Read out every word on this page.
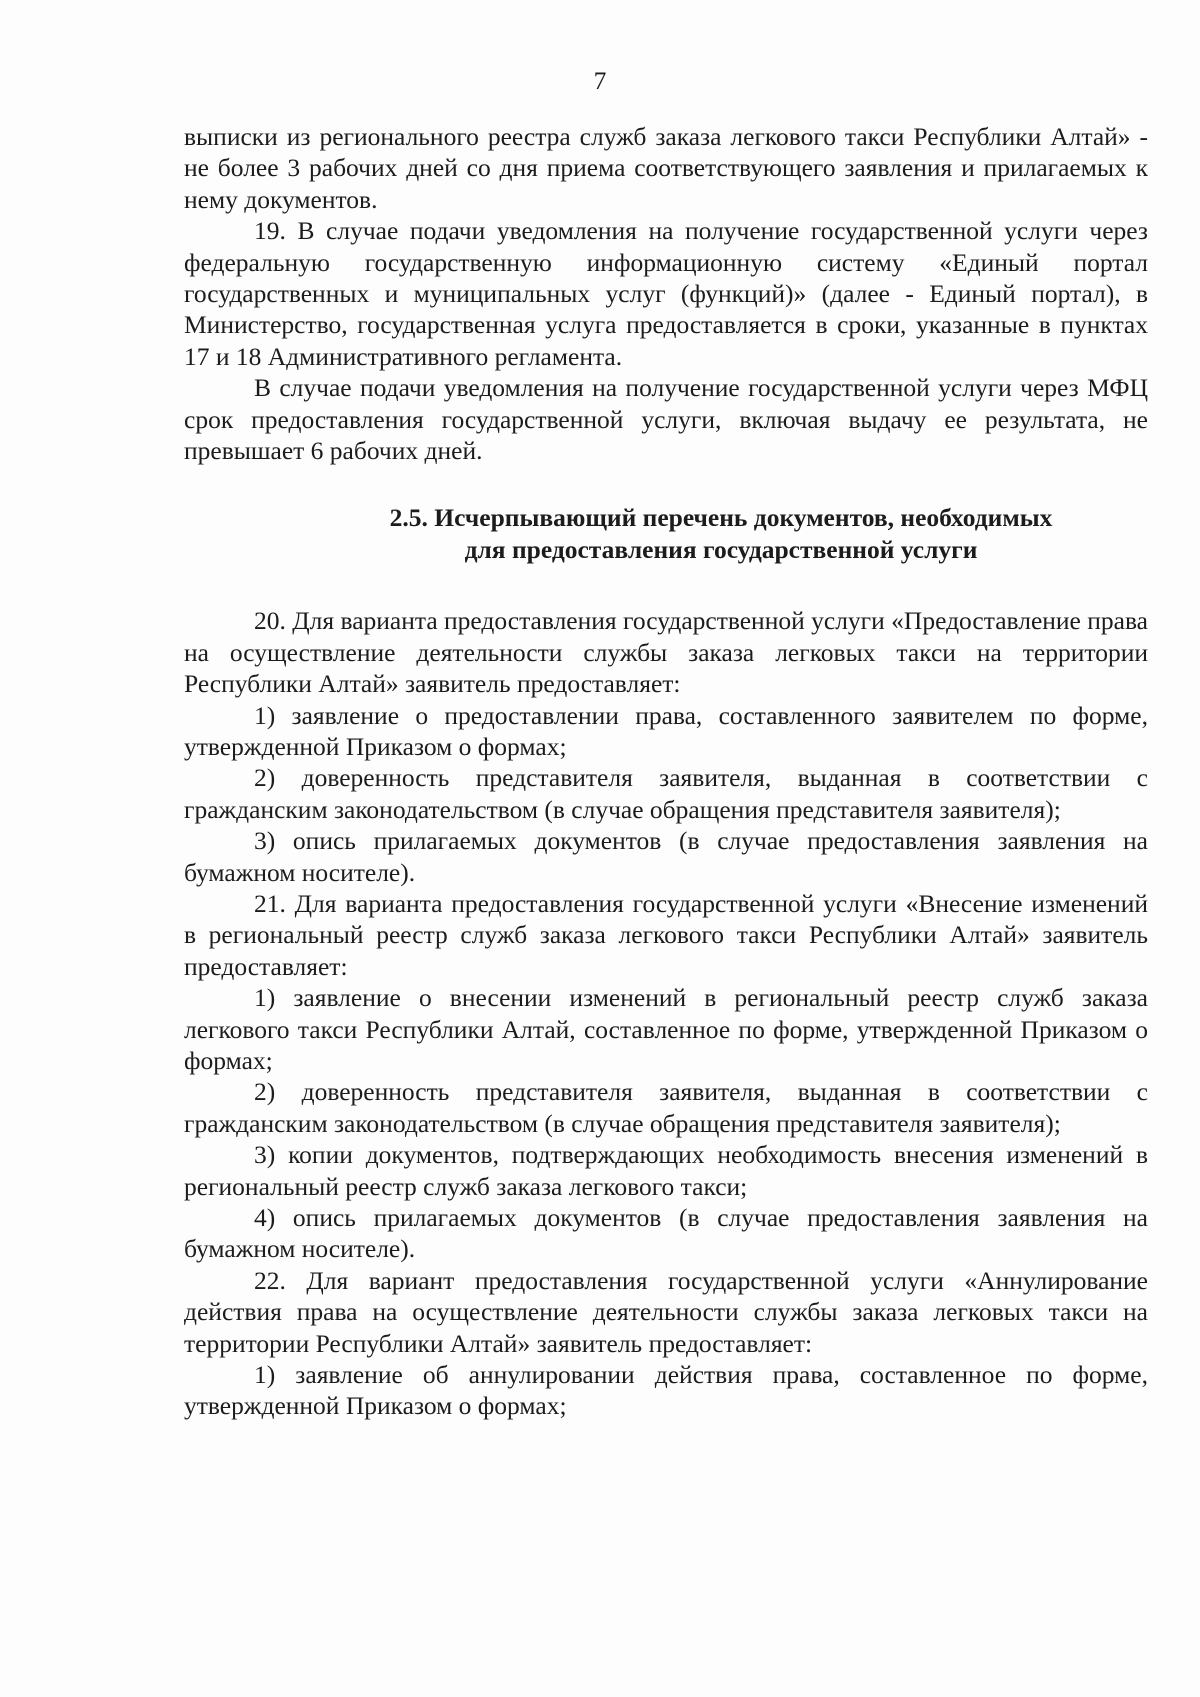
7

выписки из регионального реестра служб заказа легкового такси Республики Алтай» - не более 3 рабочих дней со дня приема соответствующего заявления и прилагаемых к нему документов.

19. В случае подачи уведомления на получение государственной услуги через федеральную государственную информационную систему «Единый портал государственных и муниципальных услуг (функций)» (далее - Единый портал), в Министерство, государственная услуга предоставляется в сроки, указанные в пунктах 17 и 18 Административного регламента.

В случае подачи уведомления на получение государственной услуги через МФЦ срок предоставления государственной услуги, включая выдачу ее результата, не превышает 6 рабочих дней.

2.5. Исчерпывающий перечень документов, необходимых
для предоставления государственной услуги

20. Для варианта предоставления государственной услуги «Предоставление права на осуществление деятельности службы заказа легковых такси на территории Республики Алтай» заявитель предоставляет:

1) заявление о предоставлении права, составленного заявителем по форме, утвержденной Приказом о формах;

2) доверенность представителя заявителя, выданная в соответствии с гражданским законодательством (в случае обращения представителя заявителя);

3) опись прилагаемых документов (в случае предоставления заявления на бумажном носителе).

21. Для варианта предоставления государственной услуги «Внесение изменений в региональный реестр служб заказа легкового такси Республики Алтай» заявитель предоставляет:

1) заявление о внесении изменений в региональный реестр служб заказа легкового такси Республики Алтай, составленное по форме, утвержденной Приказом о формах;

2) доверенность представителя заявителя, выданная в соответствии с гражданским законодательством (в случае обращения представителя заявителя);

3) копии документов, подтверждающих необходимость внесения изменений в региональный реестр служб заказа легкового такси;

4) опись прилагаемых документов (в случае предоставления заявления на бумажном носителе).

22. Для вариант предоставления государственной услуги «Аннулирование действия права на осуществление деятельности службы заказа легковых такси на территории Республики Алтай» заявитель предоставляет:

1) заявление об аннулировании действия права, составленное по форме, утвержденной Приказом о формах;
